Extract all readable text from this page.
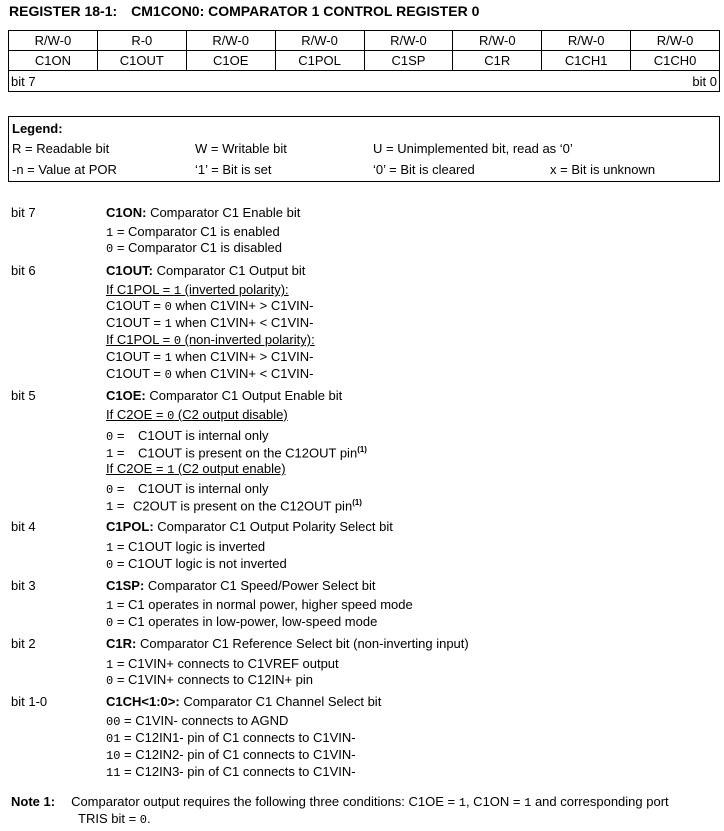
REGISTER 18-1: CM1CON0: COMPARATOR 1 CONTROL REGISTER 0
R/W-0	R-0	R/W-0	R/W-0	R/W-0	R/W-0	R/W-0	R/W-0
C1ON	C1OUT	C1OE	C1POL	C1SP	C1R	C1CH1	C1CH0
bit 7	bit 0
Legend:
R = Readable bit	W = Writable bit	U = Unimplemented bit, read as ‘0’
-n = Value at POR	‘1’ = Bit is set	‘0’ = Bit is cleared	x = Bit is unknown
bit 7	C1ON: Comparator C1 Enable bit
1 = Comparator C1 is enabled
0 = Comparator C1 is disabled
bit 6	C1OUT: Comparator C1 Output bit
If C1POL = 1 (inverted polarity):
C1OUT = 0 when C1VIN+ > C1VIN-
C1OUT = 1 when C1VIN+ < C1VIN-
If C1POL = 0 (non-inverted polarity):
C1OUT = 1 when C1VIN+ > C1VIN-
C1OUT = 0 when C1VIN+ < C1VIN-
bit 5	C1OE: Comparator C1 Output Enable bit
If C2OE = 0 (C2 output disable)
0 = C1OUT is internal only
1 = C1OUT is present on the C12OUT pin$^{(1)}$
If C2OE = 1 (C2 output enable)
0 = C1OUT is internal only
1 = C2OUT is present on the C12OUT pin$^{(1)}$
bit 4	C1POL: Comparator C1 Output Polarity Select bit
1 = C1OUT logic is inverted
0 = C1OUT logic is not inverted
bit 3	C1SP: Comparator C1 Speed/Power Select bit
1 = C1 operates in normal power, higher speed mode
0 = C1 operates in low-power, low-speed mode
bit 2	C1R: Comparator C1 Reference Select bit (non-inverting input)
1 = C1VIN+ connects to C1VREF output
0 = C1VIN+ connects to C12IN+ pin
bit 1-0	C1CH<1:0>: Comparator C1 Channel Select bit
00 = C1VIN- connects to AGND
01 = C12IN1- pin of C1 connects to C1VIN-
10 = C12IN2- pin of C1 connects to C1VIN-
11 = C12IN3- pin of C1 connects to C1VIN-
Note 1: Comparator output requires the following three conditions: C1OE = 1, C1ON = 1 and corresponding port
TRIS bit = 0.
